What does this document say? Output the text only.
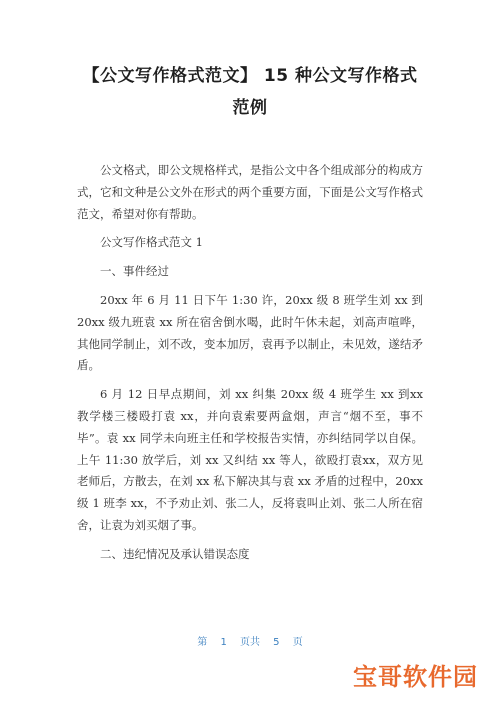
【公文写作格式范文】 15 种公文写作格式
范例

公文格式，即公文规格样式，是指公文中各个组成部分的构成方式，它和文种是公文外在形式的两个重要方面，下面是公文写作格式范文，希望对你有帮助。

公文写作格式范文 1

一、事件经过

20xx 年 6 月 11 日下午 1:30 许，20xx 级 8 班学生刘 xx 到 20xx 级九班袁 xx 所在宿舍倒水喝，此时午休未起，刘高声喧哗，其他同学制止，刘不改，变本加厉，袁再予以制止，未见效，遂结矛盾。

6 月 12 日早点期间，刘 xx 纠集 20xx 级 4 班学生 xx 到xx 教学楼三楼殴打袁 xx，并向袁索要两盒烟，声言“烟不至，事不毕”。袁 xx 同学未向班主任和学校报告实情，亦纠结同学以自保。上午 11:30 放学后，刘 xx 又纠结 xx 等人，欲殴打袁xx，双方见老师后，方散去，在刘 xx 私下解决其与袁 xx 矛盾的过程中，20xx 级 1 班李 xx，不予劝止刘、张二人，反将袁叫止刘、张二人所在宿舍，让袁为刘买烟了事。

二、违纪情况及承认错误态度

第 1 页共 5 页
宝哥软件园
